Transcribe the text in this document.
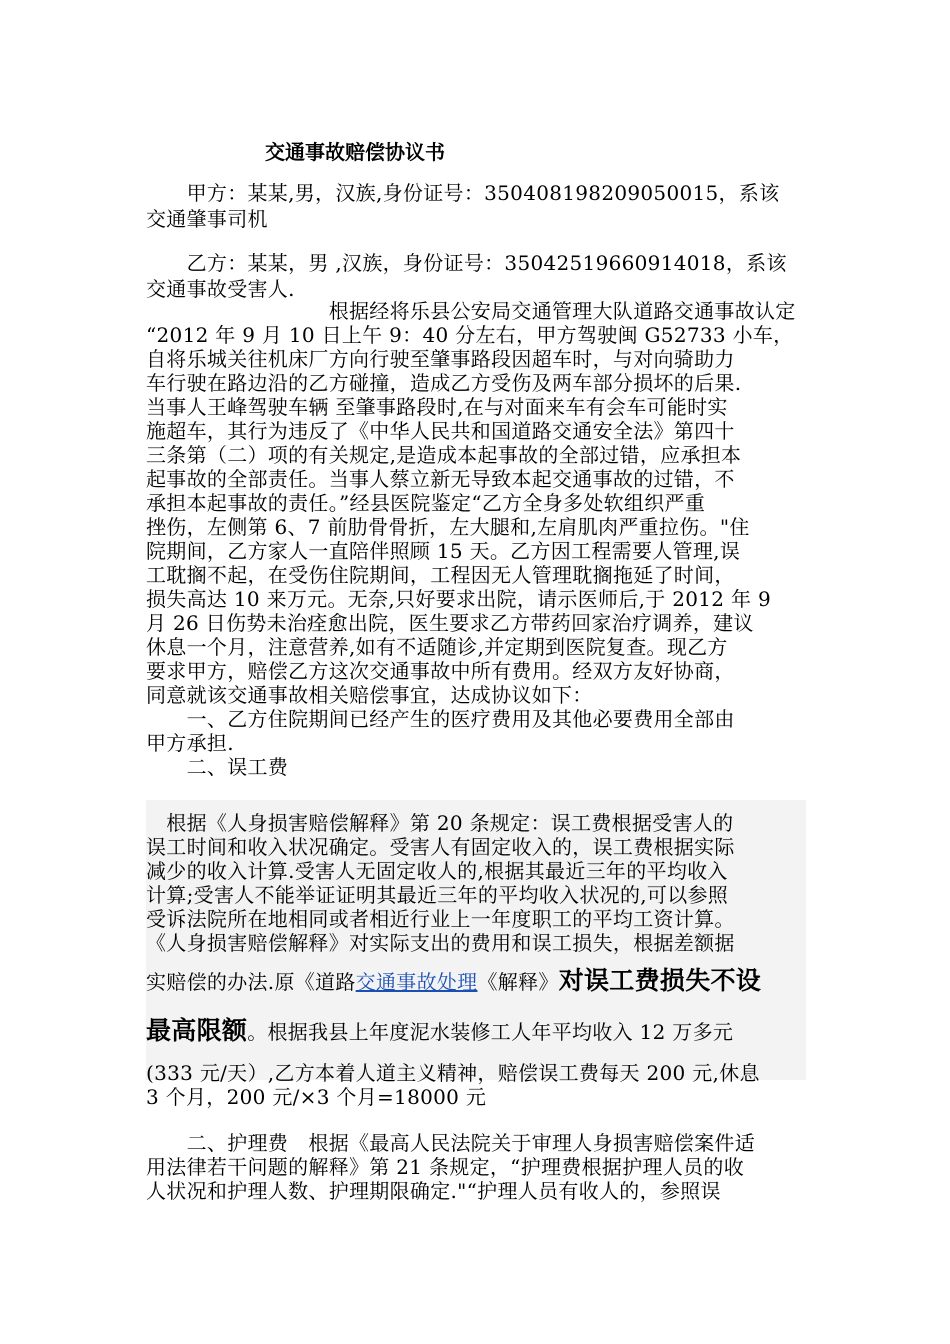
交通事故赔偿协议书
　　甲方：某某,男，汉族,身份证号：350408198209050015，系该
交通肇事司机
　　乙方：某某，男 ,汉族，身份证号：35042519660914018，系该
交通事故受害人.
　　　　　　　　　根据经将乐县公安局交通管理大队道路交通事故认定
“2012 年 9 月 10 日上午 9：40 分左右，甲方驾驶闽 G52733 小车，
自将乐城关往机床厂方向行驶至肇事路段因超车时，与对向骑助力
车行驶在路边沿的乙方碰撞，造成乙方受伤及两车部分损坏的后果.
当事人王峰驾驶车辆 至肇事路段时,在与对面来车有会车可能时实
施超车，其行为违反了《中华人民共和国道路交通安全法》第四十
三条第（二）项的有关规定,是造成本起事故的全部过错，应承担本
起事故的全部责任。当事人蔡立新无导致本起交通事故的过错，不
承担本起事故的责任。”经县医院鉴定“乙方全身多处软组织严重
挫伤，左侧第 6、7 前肋骨骨折，左大腿和,左肩肌肉严重拉伤。"住
院期间，乙方家人一直陪伴照顾 15 天。乙方因工程需要人管理,误
工耽搁不起，在受伤住院期间，工程因无人管理耽搁拖延了时间，
损失高达 10 来万元。无奈,只好要求出院，请示医师后,于 2012 年 9
月 26 日伤势未治痊愈出院，医生要求乙方带药回家治疗调养，建议
休息一个月，注意营养,如有不适随诊,并定期到医院复查。现乙方
要求甲方，赔偿乙方这次交通事故中所有费用。经双方友好协商，
同意就该交通事故相关赔偿事宜，达成协议如下：
　　一、乙方住院期间已经产生的医疗费用及其他必要费用全部由
甲方承担.
　　二、误工费
　根据《人身损害赔偿解释》第 20 条规定：误工费根据受害人的
误工时间和收入状况确定。受害人有固定收入的，误工费根据实际
减少的收入计算.受害人无固定收人的,根据其最近三年的平均收入
计算;受害人不能举证证明其最近三年的平均收入状况的,可以参照
受诉法院所在地相同或者相近行业上一年度职工的平均工资计算。
《人身损害赔偿解释》对实际支出的费用和误工损失，根据差额据
实赔偿的办法.原《道路交通事故处理《解释》对误工费损失不设
最高限额。根据我县上年度泥水装修工人年平均收入 12 万多元
(333 元/天）,乙方本着人道主义精神，赔偿误工费每天 200 元,休息
3 个月，200 元/×3 个月=18000 元
　　二、护理费　根据《最高人民法院关于审理人身损害赔偿案件适
用法律若干问题的解释》第 21 条规定，“护理费根据护理人员的收
人状况和护理人数、护理期限确定."“护理人员有收人的，参照误
